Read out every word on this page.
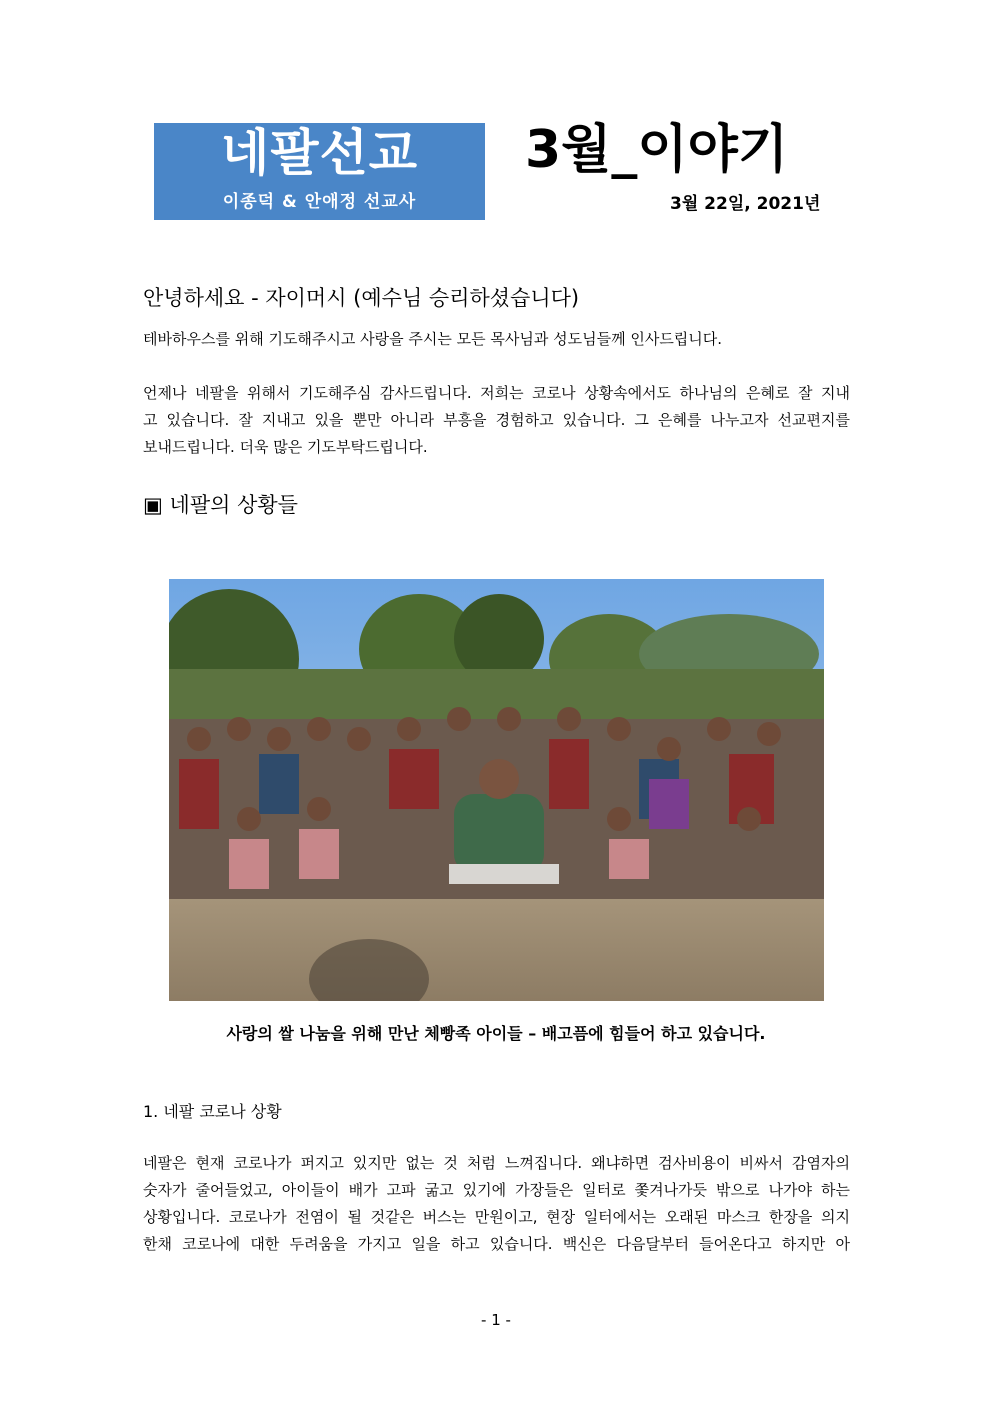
네팔선교
이종덕 & 안애정 선교사
3월_이야기
3월 22일, 2021년
안녕하세요 - 자이머시 (예수님 승리하셨습니다)
테바하우스를 위해 기도해주시고 사랑을 주시는 모든 목사님과 성도님들께 인사드립니다.
언제나 네팔을 위해서 기도해주심 감사드립니다. 저희는 코로나 상황속에서도 하나님의 은혜로 잘 지내
고 있습니다. 잘 지내고 있을 뿐만 아니라 부흥을 경험하고 있습니다. 그 은혜를 나누고자 선교편지를
보내드립니다. 더욱 많은 기도부탁드립니다.
▣ 네팔의 상황들
사랑의 쌀 나눔을 위해 만난 체빵족 아이들 – 배고픔에 힘들어 하고 있습니다.
1. 네팔 코로나 상황
네팔은 현재 코로나가 퍼지고 있지만 없는 것 처럼 느껴집니다. 왜냐하면 검사비용이 비싸서 감염자의
숫자가 줄어들었고, 아이들이 배가 고파 굶고 있기에 가장들은 일터로 쫓겨나가듯 밖으로 나가야 하는
상황입니다. 코로나가 전염이 될 것같은 버스는 만원이고, 현장 일터에서는 오래된 마스크 한장을 의지
한채 코로나에 대한 두려움을 가지고 일을 하고 있습니다. 백신은 다음달부터 들어온다고 하지만 아
- 1 -
